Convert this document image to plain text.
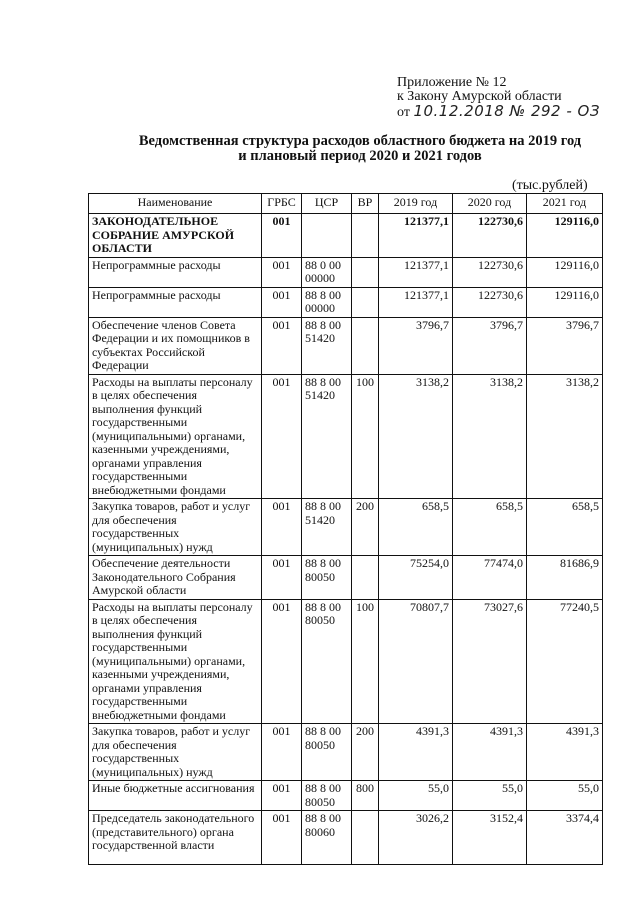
Приложение № 12
к Закону Амурской области
от 10.12.2018 № 292 - ОЗ
Ведомственная структура расходов областного бюджета на 2019 год
и плановый период 2020 и 2021 годов
(тыс.рублей)
Наименование	ГРБС	ЦСР	ВР	2019 год	2020 год	2021 год
ЗАКОНОДАТЕЛЬНОЕ СОБРАНИЕ АМУРСКОЙ ОБЛАСТИ	001			121377,1	122730,6	129116,0
Непрограммные расходы	001	88 0 00 00000		121377,1	122730,6	129116,0
Непрограммные расходы	001	88 8 00 00000		121377,1	122730,6	129116,0
Обеспечение членов Совета Федерации и их помощников в субъектах Российской Федерации	001	88 8 00 51420		3796,7	3796,7	3796,7
Расходы на выплаты персоналу в целях обеспечения выполнения функций государственными (муниципальными) органами, казенными учреждениями, органами управления государственными внебюджетными фондами	001	88 8 00 51420	100	3138,2	3138,2	3138,2
Закупка товаров, работ и услуг для обеспечения государственных (муниципальных) нужд	001	88 8 00 51420	200	658,5	658,5	658,5
Обеспечение деятельности Законодательного Собрания Амурской области	001	88 8 00 80050		75254,0	77474,0	81686,9
Расходы на выплаты персоналу в целях обеспечения выполнения функций государственными (муниципальными) органами, казенными учреждениями, органами управления государственными внебюджетными фондами	001	88 8 00 80050	100	70807,7	73027,6	77240,5
Закупка товаров, работ и услуг для обеспечения государственных (муниципальных) нужд	001	88 8 00 80050	200	4391,3	4391,3	4391,3
Иные бюджетные ассигнования	001	88 8 00 80050	800	55,0	55,0	55,0
Председатель законодательного (представительного) органа государственной власти	001	88 8 00 80060		3026,2	3152,4	3374,4
